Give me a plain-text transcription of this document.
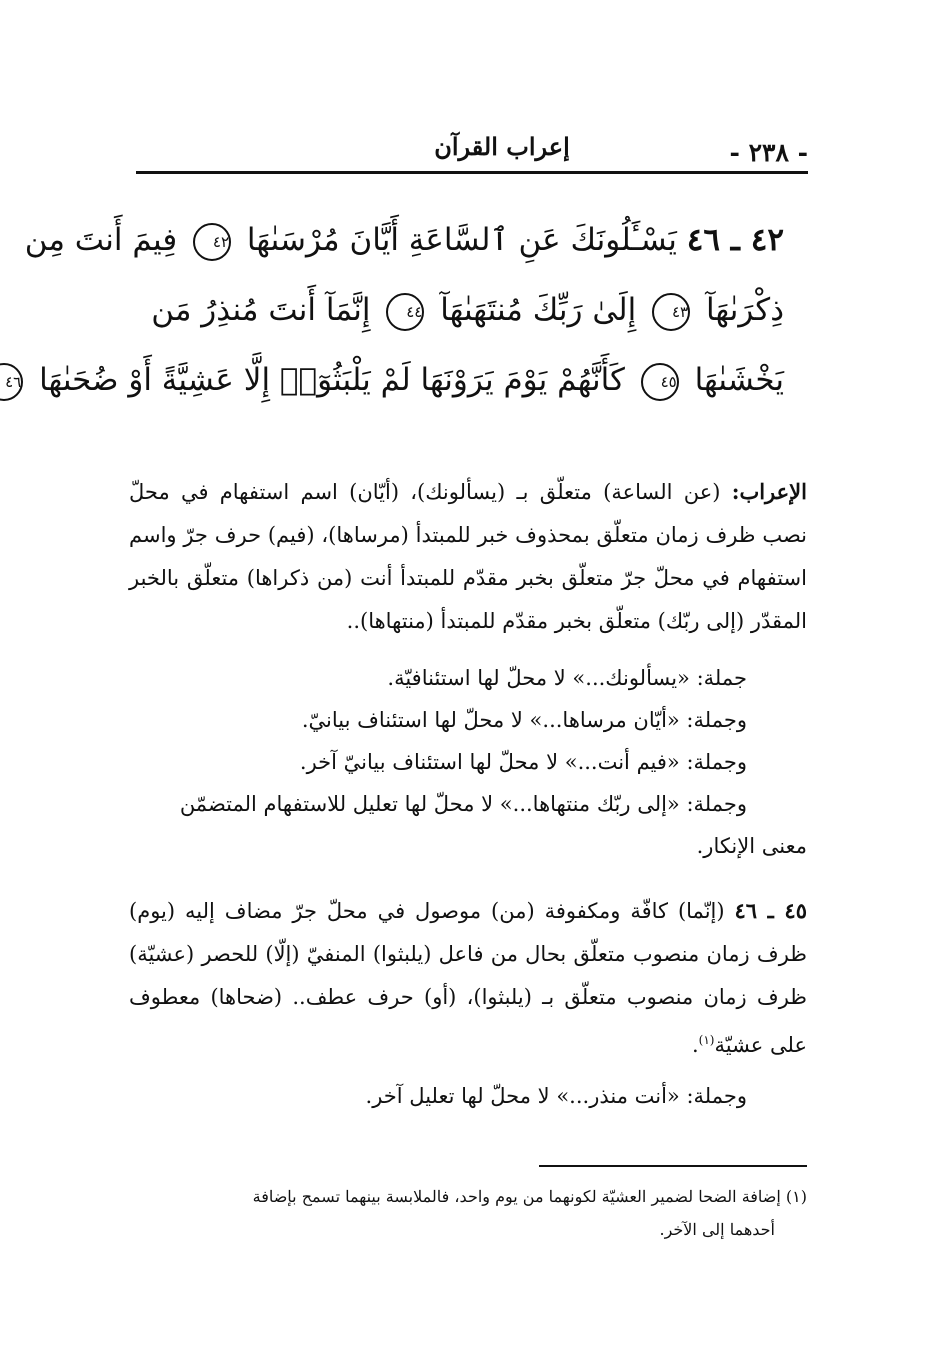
- ٢٣٨ -
إعراب القرآن
٤٢ ـ ٤٦ يَسْـَٔلُونَكَ عَنِ ٱلسَّاعَةِ أَيَّانَ مُرْسَىٰهَا ٤٢ فِيمَ أَنتَ مِن
ذِكْرَىٰهَآ ٤٣ إِلَىٰ رَبِّكَ مُنتَهَىٰهَآ ٤٤ إِنَّمَآ أَنتَ مُنذِرُ مَن
يَخْشَىٰهَا ٤٥ كَأَنَّهُمْ يَوْمَ يَرَوْنَهَا لَمْ يَلْبَثُوٓا۟ إِلَّا عَشِيَّةً أَوْ ضُحَىٰهَا ٤٦

الإعراب: (عن الساعة) متعلّق بـ (يسألونك)، (أيّان) اسم استفهام في محلّ نصب ظرف زمان متعلّق بمحذوف خبر للمبتدأ (مرساها)، (فيم) حرف جرّ واسم استفهام في محلّ جرّ متعلّق بخبر مقدّم للمبتدأ أنت (من ذكراها) متعلّق بالخبر المقدّر (إلى ربّك) متعلّق بخبر مقدّم للمبتدأ (منتهاها)..

جملة: «يسألونك...» لا محلّ لها استئنافيّة.
وجملة: «أيّان مرساها...» لا محلّ لها استئناف بيانيّ.
وجملة: «فيم أنت...» لا محلّ لها استئناف بيانيّ آخر.
وجملة: «إلى ربّك منتهاها...» لا محلّ لها تعليل للاستفهام المتضمّن
معنى الإنكار.

٤٥ ـ ٤٦ (إنّما) كافّة ومكفوفة (من) موصول في محلّ جرّ مضاف إليه (يوم) ظرف زمان منصوب متعلّق بحال من فاعل (يلبثوا) المنفيّ (إلّا) للحصر (عشيّة) ظرف زمان منصوب متعلّق بـ (يلبثوا)، (أو) حرف عطف.. (ضحاها) معطوف على عشيّة$^{(١)}$.

وجملة: «أنت منذر...» لا محلّ لها تعليل آخر.
(١) إضافة الضحا لضمير العشيّة لكونهما من يوم واحد، فالملابسة بينهما تسمح بإضافة
أحدهما إلى الآخر.
